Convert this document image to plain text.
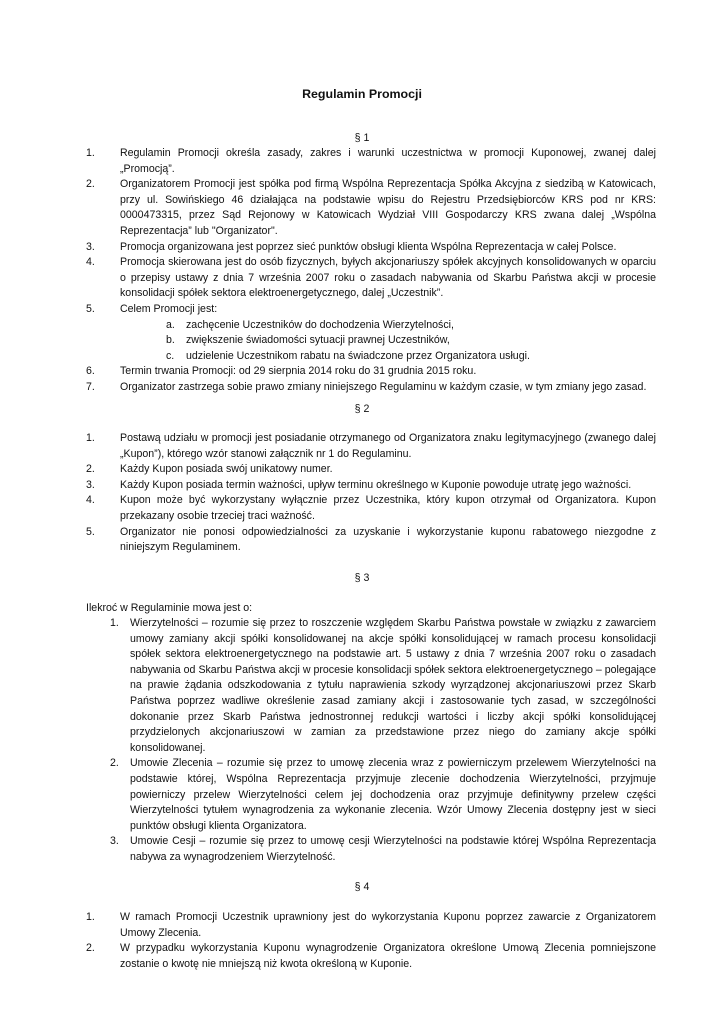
Regulamin Promocji
§ 1
1. Regulamin Promocji określa zasady, zakres i warunki uczestnictwa w promocji Kuponowej, zwanej dalej „Promocją”.
2. Organizatorem Promocji jest spółka pod firmą Wspólna Reprezentacja Spółka Akcyjna z siedzibą w Katowicach, przy ul. Sowińskiego 46 działająca na podstawie wpisu do Rejestru Przedsiębiorców KRS pod nr KRS: 0000473315, przez Sąd Rejonowy w Katowicach Wydział VIII Gospodarczy KRS zwana dalej „Wspólna Reprezentacja” lub "Organizator".
3. Promocja organizowana jest poprzez sieć punktów obsługi klienta Wspólna Reprezentacja w całej Polsce.
4. Promocja skierowana jest do osób fizycznych, byłych akcjonariuszy spółek akcyjnych konsolidowanych w oparciu o przepisy ustawy z dnia 7 września 2007 roku o zasadach nabywania od Skarbu Państwa akcji w procesie konsolidacji spółek sektora elektroenergetycznego, dalej „Uczestnik”.
5. Celem Promocji jest:
a. zachęcenie Uczestników do dochodzenia Wierzytelności,
b. zwiększenie świadomości sytuacji prawnej Uczestników,
c. udzielenie Uczestnikom rabatu na świadczone przez Organizatora usługi.
6. Termin trwania Promocji: od 29 sierpnia 2014 roku do 31 grudnia 2015 roku.
7. Organizator zastrzega sobie prawo zmiany niniejszego Regulaminu w każdym czasie, w tym zmiany jego zasad.
§ 2
1. Postawą udziału w promocji jest posiadanie otrzymanego od Organizatora znaku legitymacyjnego (zwanego dalej „Kupon”), którego wzór stanowi załącznik nr 1 do Regulaminu.
2. Każdy Kupon posiada swój unikatowy numer.
3. Każdy Kupon posiada termin ważności, upływ terminu określnego w Kuponie powoduje utratę jego ważności.
4. Kupon może być wykorzystany wyłącznie przez Uczestnika, który kupon otrzymał od Organizatora. Kupon przekazany osobie trzeciej traci ważność.
5. Organizator nie ponosi odpowiedzialności za uzyskanie i wykorzystanie kuponu rabatowego niezgodne z niniejszym Regulaminem.
§ 3
Ilekroć w Regulaminie mowa jest o:
1. Wierzytelności – rozumie się przez to roszczenie względem Skarbu Państwa powstałe w związku z zawarciem umowy zamiany akcji spółki konsolidowanej na akcje spółki konsolidującej w ramach procesu konsolidacji spółek sektora elektroenergetycznego na podstawie art. 5 ustawy z dnia 7 września 2007 roku o zasadach nabywania od Skarbu Państwa akcji w procesie konsolidacji spółek sektora elektroenergetycznego – polegające na prawie żądania odszkodowania z tytułu naprawienia szkody wyrządzonej akcjonariuszowi przez Skarb Państwa poprzez wadliwe określenie zasad zamiany akcji i zastosowanie tych zasad, w szczególności dokonanie przez Skarb Państwa jednostronnej redukcji wartości i liczby akcji spółki konsolidującej przydzielonych akcjonariuszowi w zamian za przedstawione przez niego do zamiany akcje spółki konsolidowanej.
2. Umowie Zlecenia – rozumie się przez to umowę zlecenia wraz z powierniczym przelewem Wierzytelności na podstawie której, Wspólna Reprezentacja przyjmuje zlecenie dochodzenia Wierzytelności, przyjmuje powierniczy przelew Wierzytelności celem jej dochodzenia oraz przyjmuje definitywny przelew części Wierzytelności tytułem wynagrodzenia za wykonanie zlecenia. Wzór Umowy Zlecenia dostępny jest w sieci punktów obsługi klienta Organizatora.
3. Umowie Cesji – rozumie się przez to umowę cesji Wierzytelności na podstawie której Wspólna Reprezentacja nabywa za wynagrodzeniem Wierzytelność.
§ 4
1. W ramach Promocji Uczestnik uprawniony jest do wykorzystania Kuponu poprzez zawarcie z Organizatorem Umowy Zlecenia.
2. W przypadku wykorzystania Kuponu wynagrodzenie Organizatora określone Umową Zlecenia pomniejszone zostanie o kwotę nie mniejszą niż kwota określoną w Kuponie.
